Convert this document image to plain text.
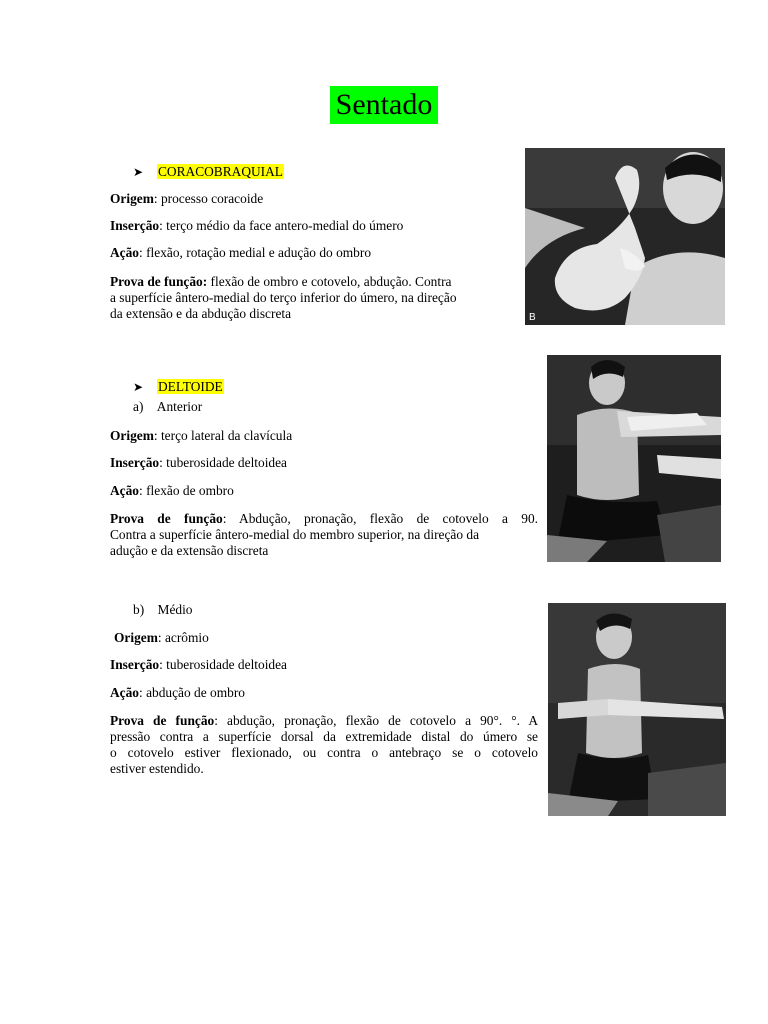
Sentado
➤ CORACOBRAQUIAL
Origem: processo coracoide
Inserção: terço médio da face antero-medial do úmero
Ação: flexão, rotação medial e adução do ombro

Prova de função: flexão de ombro e cotovelo, abdução. Contra

a superfície ântero-medial do terço inferior do úmero, na direção

da extensão e da abdução discreta	B
➤ DELTOIDE
a) Anterior
Origem: terço lateral da clavícula
Inserção: tuberosidade deltoidea
Ação: flexão de ombro

Prova de função: Abdução, pronação, flexão de cotovelo a 90.

Contra a superfície ântero-medial do membro superior, na direção da

adução e da extensão discreta

b) Médio
Origem: acrômio
Inserção: tuberosidade deltoidea
Ação: abdução de ombro

Prova de função: abdução, pronação, flexão de cotovelo a 90°. °. A

pressão contra a superfície dorsal da extremidade distal do úmero se

o cotovelo estiver flexionado, ou contra o antebraço se o cotovelo

estiver estendido.
